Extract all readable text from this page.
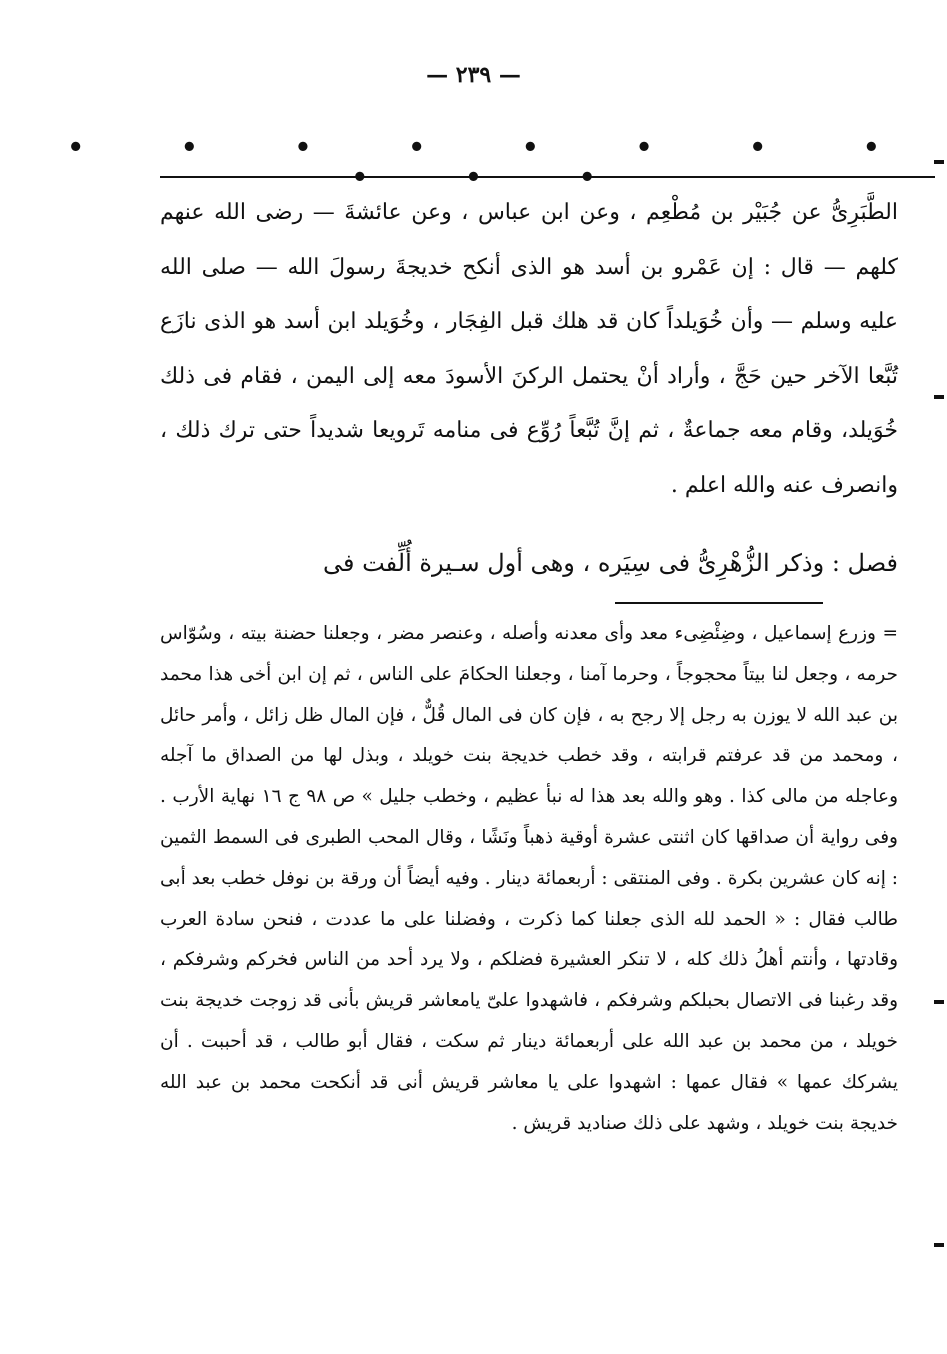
— ٢٣٩ —
• • • • • • • • • • •

الطَّبَرِىُّ عن جُبَيْر بن مُطْعِم ، وعن ابن عباس ، وعن عائشةَ — رضى الله عنهم كلهم — قال : إن عَمْرو بن أسد هو الذى أنكح خديجةَ رسولَ الله — صلى الله عليه وسلم — وأن خُوَيلداً كان قد هلك قبل الفِجَار ، وخُوَيلد ابن أسد هو الذى نازَع تُبَّعا الآخر حين حَجَّ ، وأراد أنْ يحتمل الركنَ الأسودَ معه إلى اليمن ، فقام فى ذلك خُوَيلد، وقام معه جماعةٌ ، ثم إنَّ تُبَّعاً رُوِّع فى منامه تَرويعا شديداً حتى ترك ذلك ، وانصرف عنه والله اعلم .

فصل : وذكر الزُّهْرِىُّ فى سِيَره ، وهى أول سـيرة أُلِّفت فى

= وزرع إسماعيل ، وضِئْضِىء معد وأى معدنه وأصله ، وعنصر مضر ، وجعلنا حضنة بيته ، وسُوّاس حرمه ، وجعل لنا بيتاً محجوجاً ، وحرما آمنا ، وجعلنا الحكامَ على الناس ، ثم إن ابن أخى هذا محمد بن عبد الله لا يوزن به رجل إلا رجح به ، فإن كان فى المال قُلٌّ ، فإن المال ظل زائل ، وأمر حائل ، ومحمد من قد عرفتم قرابته ، وقد خطب خديجة بنت خويلد ، وبذل لها من الصداق ما آجله وعاجله من مالى كذا . وهو والله بعد هذا له نبأ عظيم ، وخطب جليل » ص ٩٨ ج ١٦ نهاية الأرب . وفى رواية أن صداقها كان اثنتى عشرة أوقية ذهباً ونَشًا ، وقال المحب الطبرى فى السمط الثمين : إنه كان عشرين بكرة . وفى المنتقى : أربعمائة دينار . وفيه أيضاً أن ورقة بن نوفل خطب بعد أبى طالب فقال : « الحمد لله الذى جعلنا كما ذكرت ، وفضلنا على ما عددت ، فنحن سادة العرب وقادتها ، وأنتم أهلُ ذلك كله ، لا تنكر العشيرة فضلكم ، ولا يرد أحد من الناس فخركم وشرفكم ، وقد رغبنا فى الاتصال بحبلكم وشرفكم ، فاشهدوا علىّ يامعاشر قريش بأنى قد زوجت خديجة بنت خويلد ، من محمد بن عبد الله على أربعمائة دينار ثم سكت ، فقال أبو طالب ، قد أحببت . أن يشركك عمها » فقال عمها : اشهدوا على يا معاشر قريش أنى قد أنكحت محمد بن عبد الله خديجة بنت خويلد ، وشهد على ذلك صناديد قريش .
